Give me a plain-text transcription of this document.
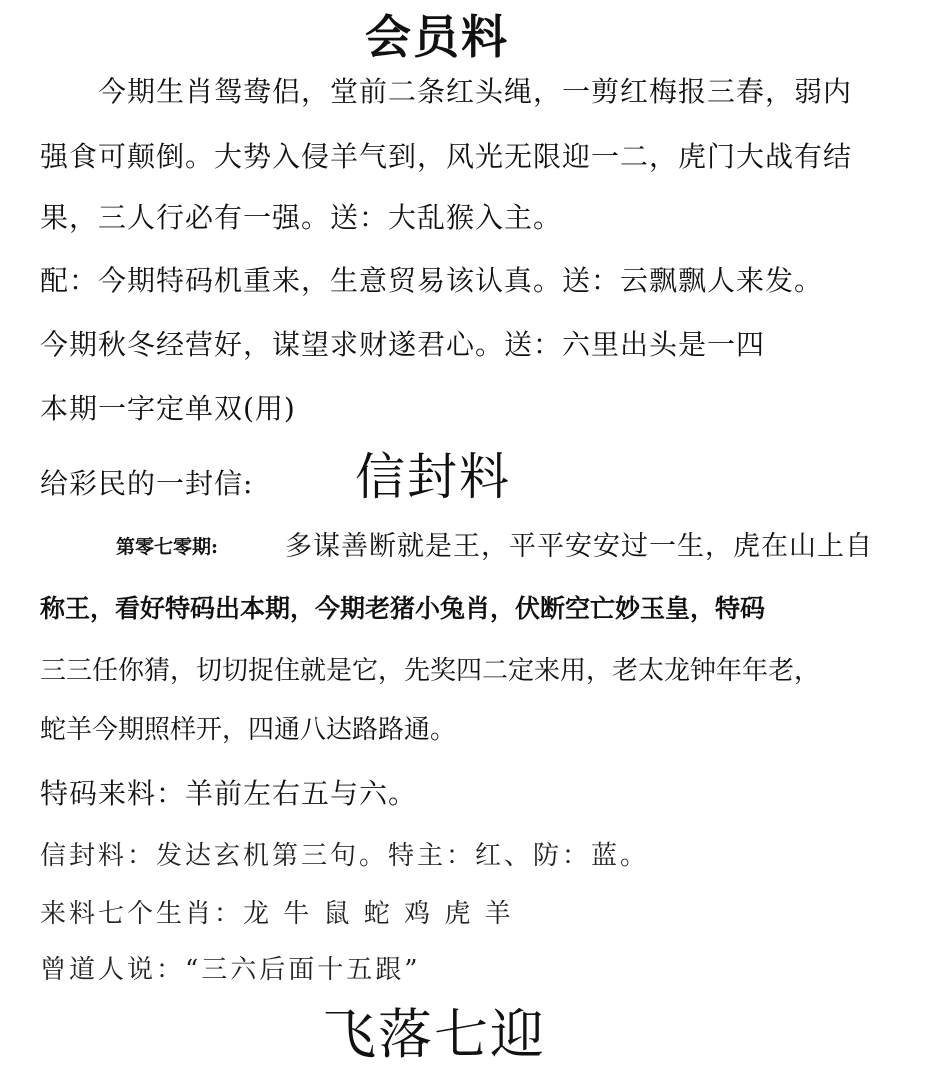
会员料
今期生肖鸳鸯侣，堂前二条红头绳，一剪红梅报三春，弱内
强食可颠倒。大势入侵羊气到，风光无限迎一二，虎门大战有结
果，三人行必有一强。送：大乱猴入主。
配：今期特码机重来，生意贸易该认真。送：云飘飘人来发。
今期秋冬经营好，谋望求财遂君心。送：六里出头是一四
本期一字定单双(用)
给彩民的一封信: 信封料
第零七零期: 多谋善断就是王，平平安安过一生，虎在山上自
称王，看好特码出本期，今期老猪小兔肖，伏断空亡妙玉皇，特码
三三任你猜，切切捉住就是它，先奖四二定来用，老太龙钟年年老，
蛇羊今期照样开，四通八达路路通。
特码来料：羊前左右五与六。
信封料：发达玄机第三句。特主：红、防：蓝。
来料七个生肖：龙 牛 鼠 蛇 鸡 虎 羊
曾道人说：“三六后面十五跟”
飞落七迎
